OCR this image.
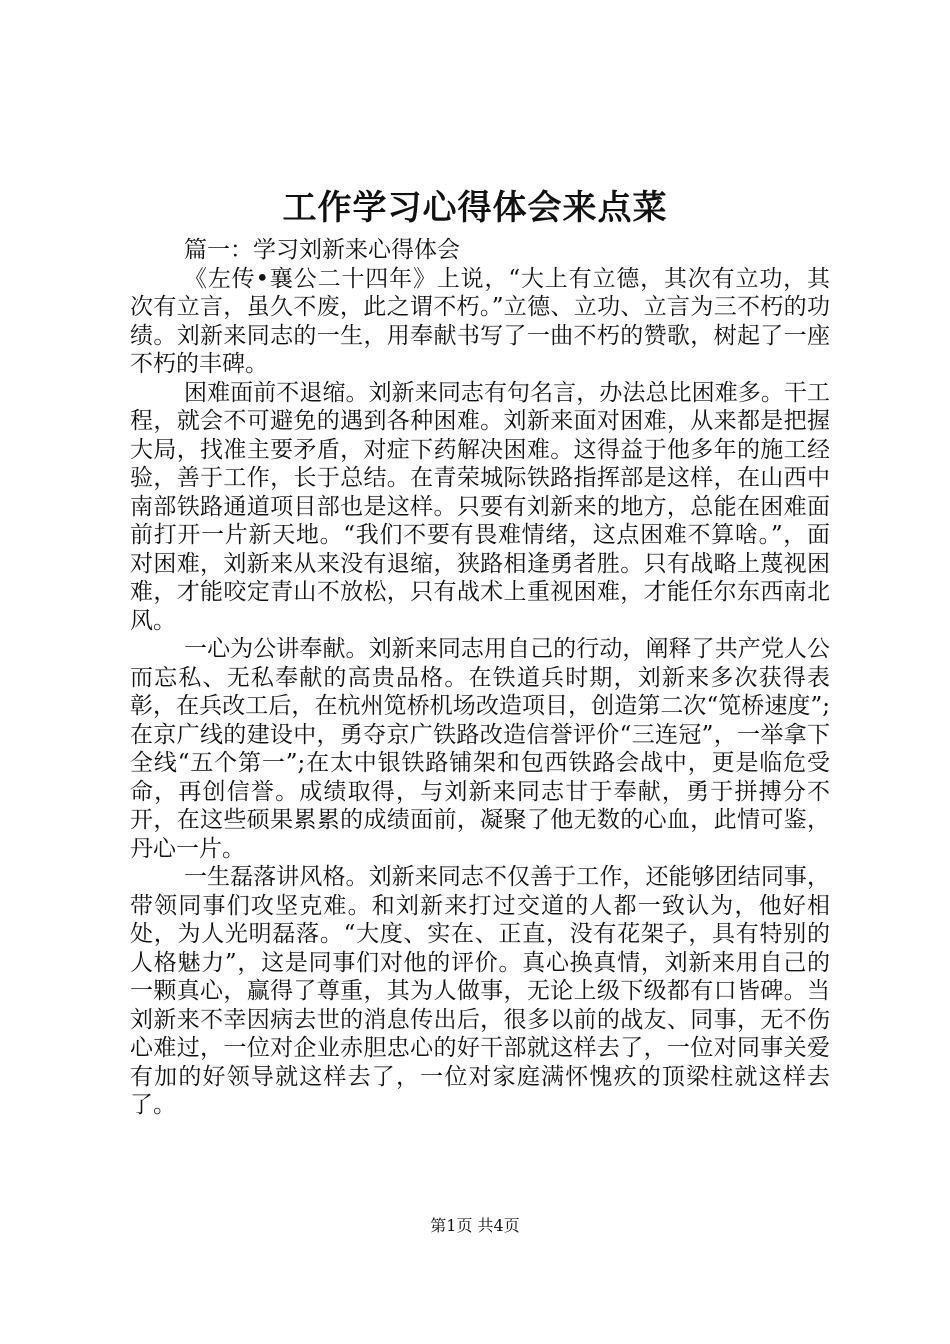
工作学习心得体会来点菜

篇一：学习刘新来心得体会

《左传•襄公二十四年》上说，“大上有立德，其次有立功，其次有立言，虽久不废，此之谓不朽。”立德、立功、立言为三不朽的功绩。刘新来同志的一生，用奉献书写了一曲不朽的赞歌，树起了一座不朽的丰碑。

困难面前不退缩。刘新来同志有句名言，办法总比困难多。干工程，就会不可避免的遇到各种困难。刘新来面对困难，从来都是把握大局，找准主要矛盾，对症下药解决困难。这得益于他多年的施工经验，善于工作，长于总结。在青荣城际铁路指挥部是这样，在山西中南部铁路通道项目部也是这样。只要有刘新来的地方，总能在困难面前打开一片新天地。“我们不要有畏难情绪，这点困难不算啥。”，面对困难，刘新来从来没有退缩，狭路相逢勇者胜。只有战略上蔑视困难，才能咬定青山不放松，只有战术上重视困难，才能任尔东西南北风。

一心为公讲奉献。刘新来同志用自己的行动，阐释了共产党人公而忘私、无私奉献的高贵品格。在铁道兵时期，刘新来多次获得表彰，在兵改工后，在杭州笕桥机场改造项目，创造第二次“笕桥速度”;在京广线的建设中，勇夺京广铁路改造信誉评价“三连冠”，一举拿下全线“五个第一”;在太中银铁路铺架和包西铁路会战中，更是临危受命，再创信誉。成绩取得，与刘新来同志甘于奉献，勇于拼搏分不开，在这些硕果累累的成绩面前，凝聚了他无数的心血，此情可鉴，丹心一片。

一生磊落讲风格。刘新来同志不仅善于工作，还能够团结同事，带领同事们攻坚克难。和刘新来打过交道的人都一致认为，他好相处，为人光明磊落。“大度、实在、正直，没有花架子，具有特别的人格魅力”，这是同事们对他的评价。真心换真情，刘新来用自己的一颗真心，赢得了尊重，其为人做事，无论上级下级都有口皆碑。当刘新来不幸因病去世的消息传出后，很多以前的战友、同事，无不伤心难过，一位对企业赤胆忠心的好干部就这样去了，一位对同事关爱有加的好领导就这样去了，一位对家庭满怀愧疚的顶梁柱就这样去了。

第1页 共4页
